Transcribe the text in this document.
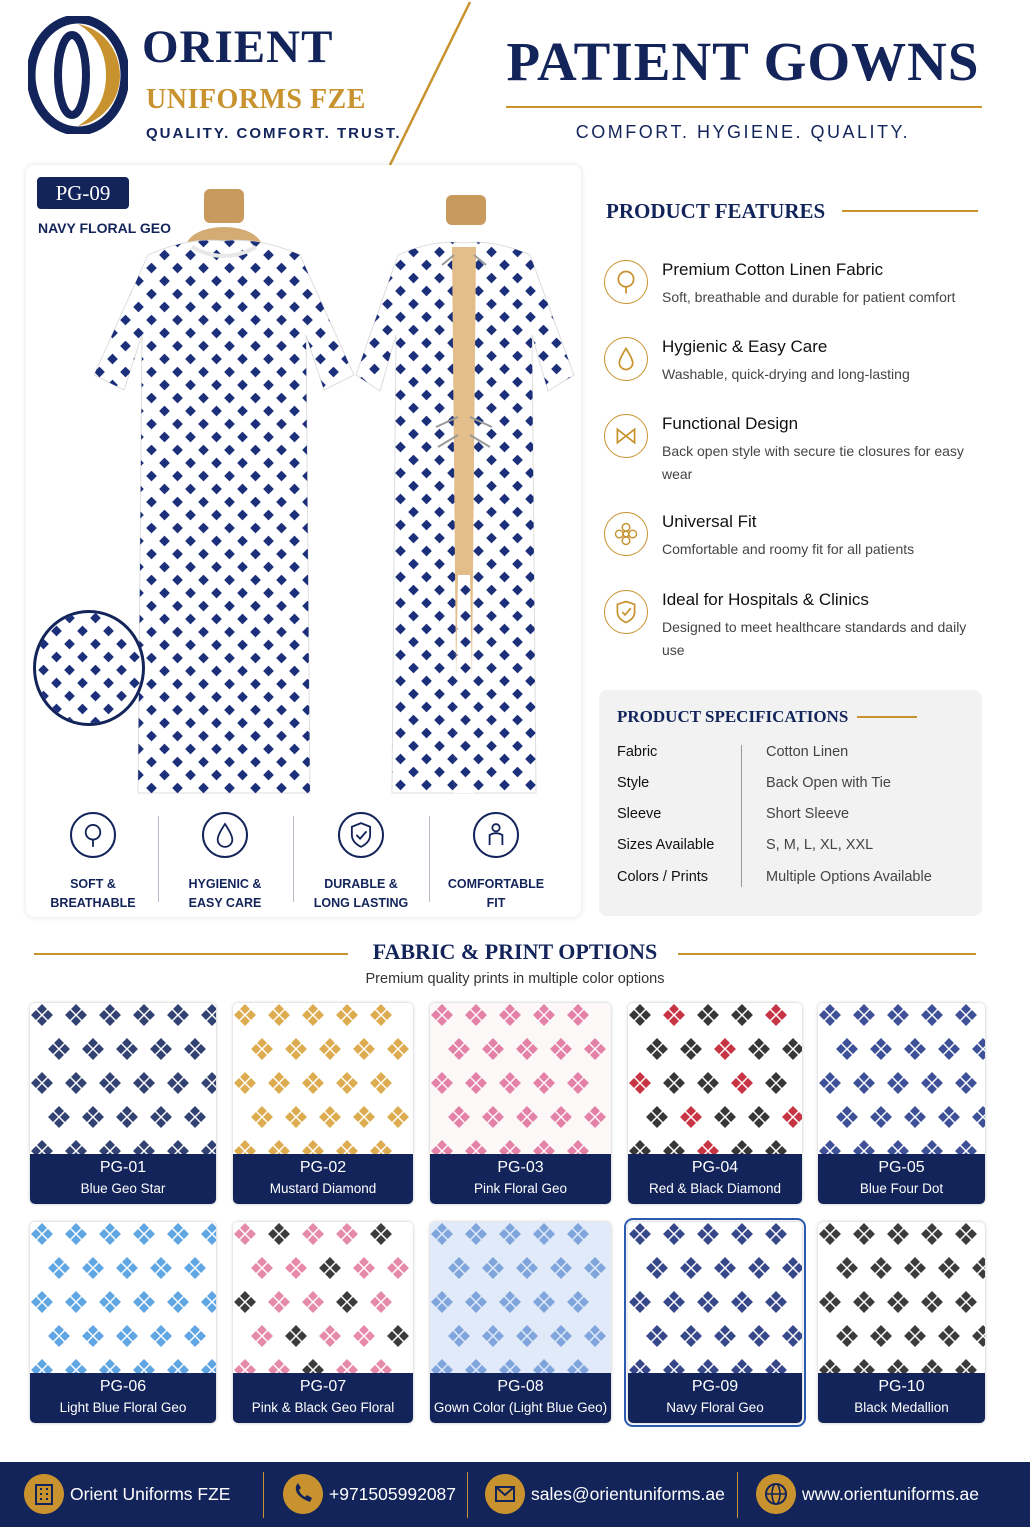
ORIENT
UNIFORMS FZE
QUALITY. COMFORT. TRUST.
PATIENT GOWNS
COMFORT. HYGIENE. QUALITY.
PG-09
NAVY FLORAL GEO
SOFT &
BREATHABLE
HYGIENIC &
EASY CARE
DURABLE &
LONG LASTING
COMFORTABLE
FIT
PRODUCT FEATURES
Premium Cotton Linen Fabric
Soft, breathable and durable for patient comfort
Hygienic & Easy Care
Washable, quick-drying and long-lasting
Functional Design
Back open style with secure tie closures for easy wear
Universal Fit
Comfortable and roomy fit for all patients
Ideal for Hospitals & Clinics
Designed to meet healthcare standards and daily use
PRODUCT SPECIFICATIONS
Fabric	Cotton Linen
Style	Back Open with Tie
Sleeve	Short Sleeve
Sizes Available	S, M, L, XL, XXL
Colors / Prints	Multiple Options Available
FABRIC & PRINT OPTIONS
Premium quality prints in multiple color options
PG-01
Blue Geo Star
PG-02
Mustard Diamond
PG-03
Pink Floral Geo
PG-04
Red & Black Diamond
PG-05
Blue Four Dot
PG-06
Light Blue Floral Geo
PG-07
Pink & Black Geo Floral
PG-08
Gown Color (Light Blue Geo)
PG-09
Navy Floral Geo
PG-10
Black Medallion
Orient Uniforms FZE	+971505992087	sales@orientuniforms.ae	www.orientuniforms.ae
